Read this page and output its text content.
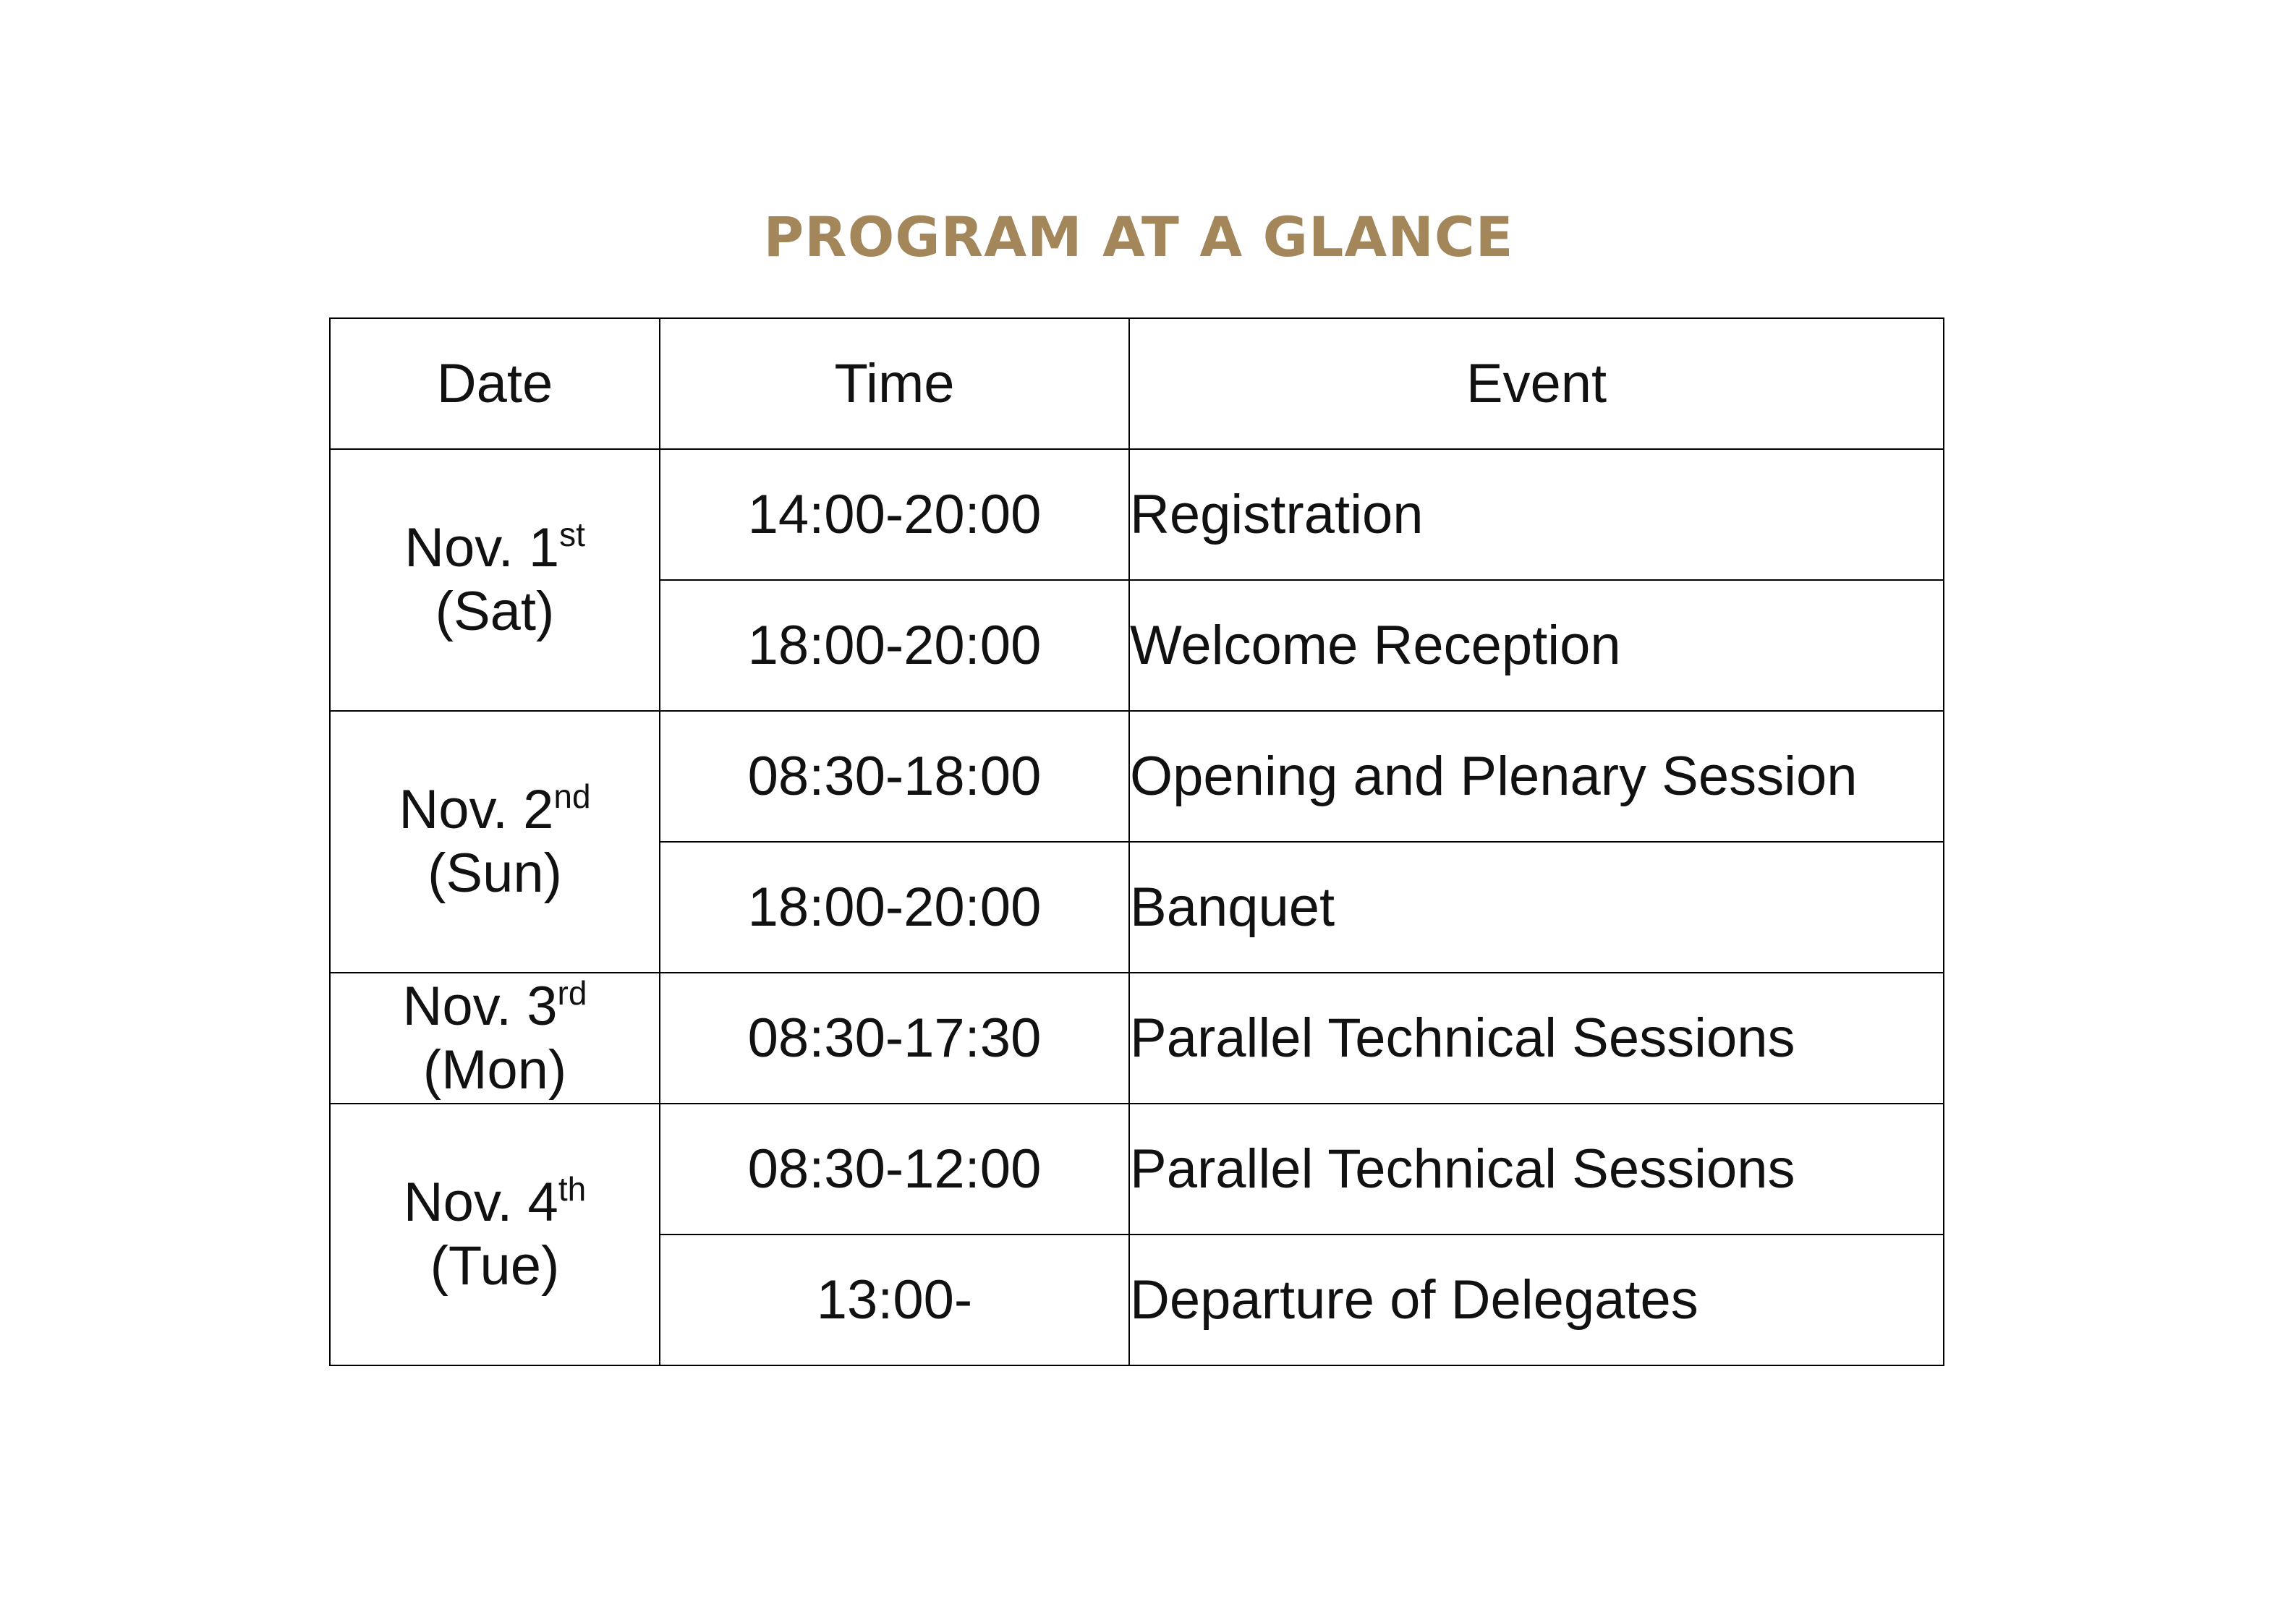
PROGRAM AT A GLANCE
Date	Time	Event

Nov. 1st
(Sat)	14:00-20:00	Registration
	18:00-20:00	Welcome Reception

Nov. 2nd
(Sun)	08:30-18:00	Opening and Plenary Session
	18:00-20:00	Banquet

Nov. 3rd
(Mon)	08:30-17:30	Parallel Technical Sessions

Nov. 4th
(Tue)	08:30-12:00	Parallel Technical Sessions
	13:00-	Departure of Delegates
